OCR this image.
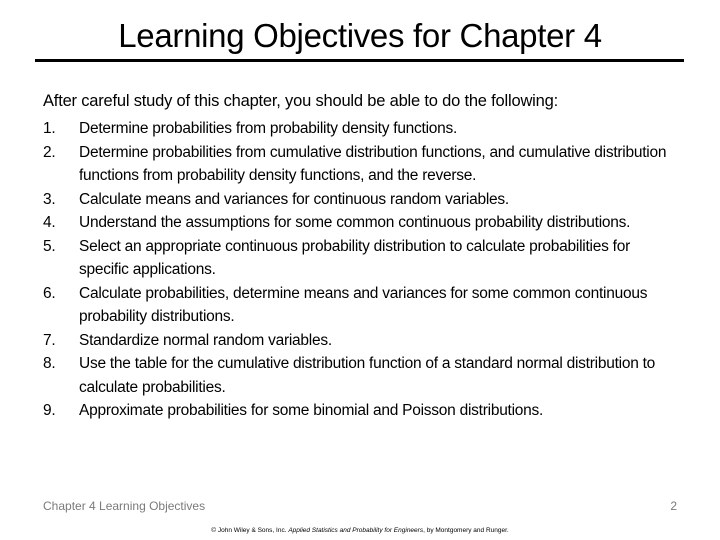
Learning Objectives for Chapter 4
After careful study of this chapter, you should be able to do the following:
1.	Determine probabilities from probability density functions.
2.	Determine probabilities from cumulative distribution functions, and cumulative distribution functions from probability density functions, and the reverse.
3.	Calculate means and variances for continuous random variables.
4.	Understand the assumptions for some common continuous probability distributions.
5.	Select an appropriate continuous probability distribution to calculate probabilities for specific applications.
6.	Calculate probabilities, determine means and variances for some common continuous probability distributions.
7.	Standardize normal random variables.
8.	Use the table for the cumulative distribution function of a standard normal distribution to calculate probabilities.
9.	Approximate probabilities for some binomial and Poisson distributions.
Chapter 4 Learning Objectives	2
© John Wiley & Sons, Inc. Applied Statistics and Probability for Engineers, by Montgomery and Runger.
